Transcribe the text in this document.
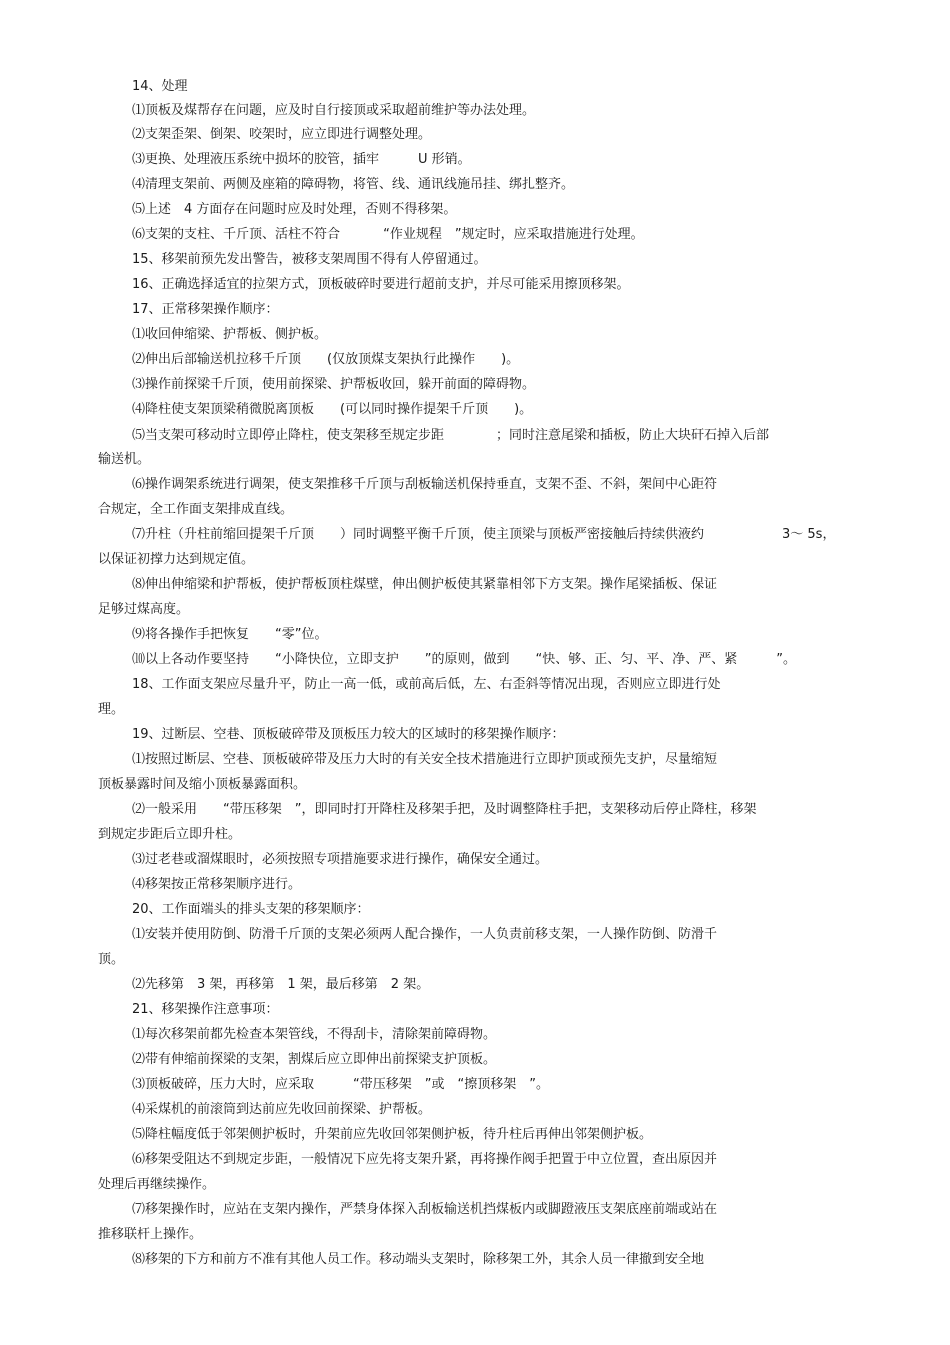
14、处理
⑴顶板及煤帮存在问题，应及时自行接顶或采取超前维护等办法处理。
⑵支架歪架、倒架、咬架时，应立即进行调整处理。
⑶更换、处理液压系统中损坏的胶管，插牢　　　U 形销。
⑷清理支架前、两侧及座箱的障碍物，将管、线、通讯线施吊挂、绑扎整齐。
⑸上述　4 方面存在问题时应及时处理，否则不得移架。
⑹支架的支柱、千斤顶、活柱不符合　　　 “作业规程　”规定时，应采取措施进行处理。
15、移架前预先发出警告，被移支架周围不得有人停留通过。
16、正确选择适宜的拉架方式，顶板破碎时要进行超前支护，并尽可能采用擦顶移架。
17、正常移架操作顺序：
⑴收回伸缩梁、护帮板、侧护板。
⑵伸出后部输送机拉移千斤顶　　(仅放顶煤支架执行此操作　　)。
⑶操作前探梁千斤顶，使用前探梁、护帮板收回，躲开前面的障碍物。
⑷降柱使支架顶梁稍微脱离顶板　　(可以同时操作提架千斤顶　　)。
⑸当支架可移动时立即停止降柱，使支架移至规定步距　　　　；同时注意尾梁和插板，防止大块矸石掉入后部
输送机。
⑹操作调架系统进行调架，使支架推移千斤顶与刮板输送机保持垂直，支架不歪、不斜，架间中心距符
合规定，全工作面支架排成直线。
⑺升柱（升柱前缩回提架千斤顶　　）同时调整平衡千斤顶，使主顶梁与顶板严密接触后持续供液约　　　　　　3～ 5s，
以保证初撑力达到规定值。
⑻伸出伸缩梁和护帮板，使护帮板顶柱煤壁，伸出侧护板使其紧靠相邻下方支架。操作尾梁插板、保证
足够过煤高度。
⑼将各操作手把恢复　　“零”位。
⑽以上各动作要坚持　　“小降快位，立即支护　　”的原则，做到　　“快、够、正、匀、平、净、严、紧　　　”。
18、工作面支架应尽量升平，防止一高一低，或前高后低，左、右歪斜等情况出现，否则应立即进行处
理。
19、过断层、空巷、顶板破碎带及顶板压力较大的区域时的移架操作顺序：
⑴按照过断层、空巷、顶板破碎带及压力大时的有关安全技术措施进行立即护顶或预先支护，尽量缩短
顶板暴露时间及缩小顶板暴露面积。
⑵一般采用　　“带压移架　”，即同时打开降柱及移架手把，及时调整降柱手把，支架移动后停止降柱，移架
到规定步距后立即升柱。
⑶过老巷或溜煤眼时，必须按照专项措施要求进行操作，确保安全通过。
⑷移架按正常移架顺序进行。
20、工作面端头的排头支架的移架顺序：
⑴安装并使用防倒、防滑千斤顶的支架必须两人配合操作，一人负责前移支架，一人操作防倒、防滑千
顶。
⑵先移第　3 架，再移第　1 架，最后移第　2 架。
21、移架操作注意事项：
⑴每次移架前都先检查本架管线，不得刮卡，清除架前障碍物。
⑵带有伸缩前探梁的支架，割煤后应立即伸出前探梁支护顶板。
⑶顶板破碎，压力大时，应采取　　　“带压移架　”或　“擦顶移架　”。
⑷采煤机的前滚筒到达前应先收回前探梁、护帮板。
⑸降柱幅度低于邻架侧护板时，升架前应先收回邻架侧护板，待升柱后再伸出邻架侧护板。
⑹移架受阻达不到规定步距，一般情况下应先将支架升紧，再将操作阀手把置于中立位置，查出原因并
处理后再继续操作。
⑺移架操作时，应站在支架内操作，严禁身体探入刮板输送机挡煤板内或脚蹬液压支架底座前端或站在
推移联杆上操作。
⑻移架的下方和前方不准有其他人员工作。移动端头支架时，除移架工外，其余人员一律撤到安全地
